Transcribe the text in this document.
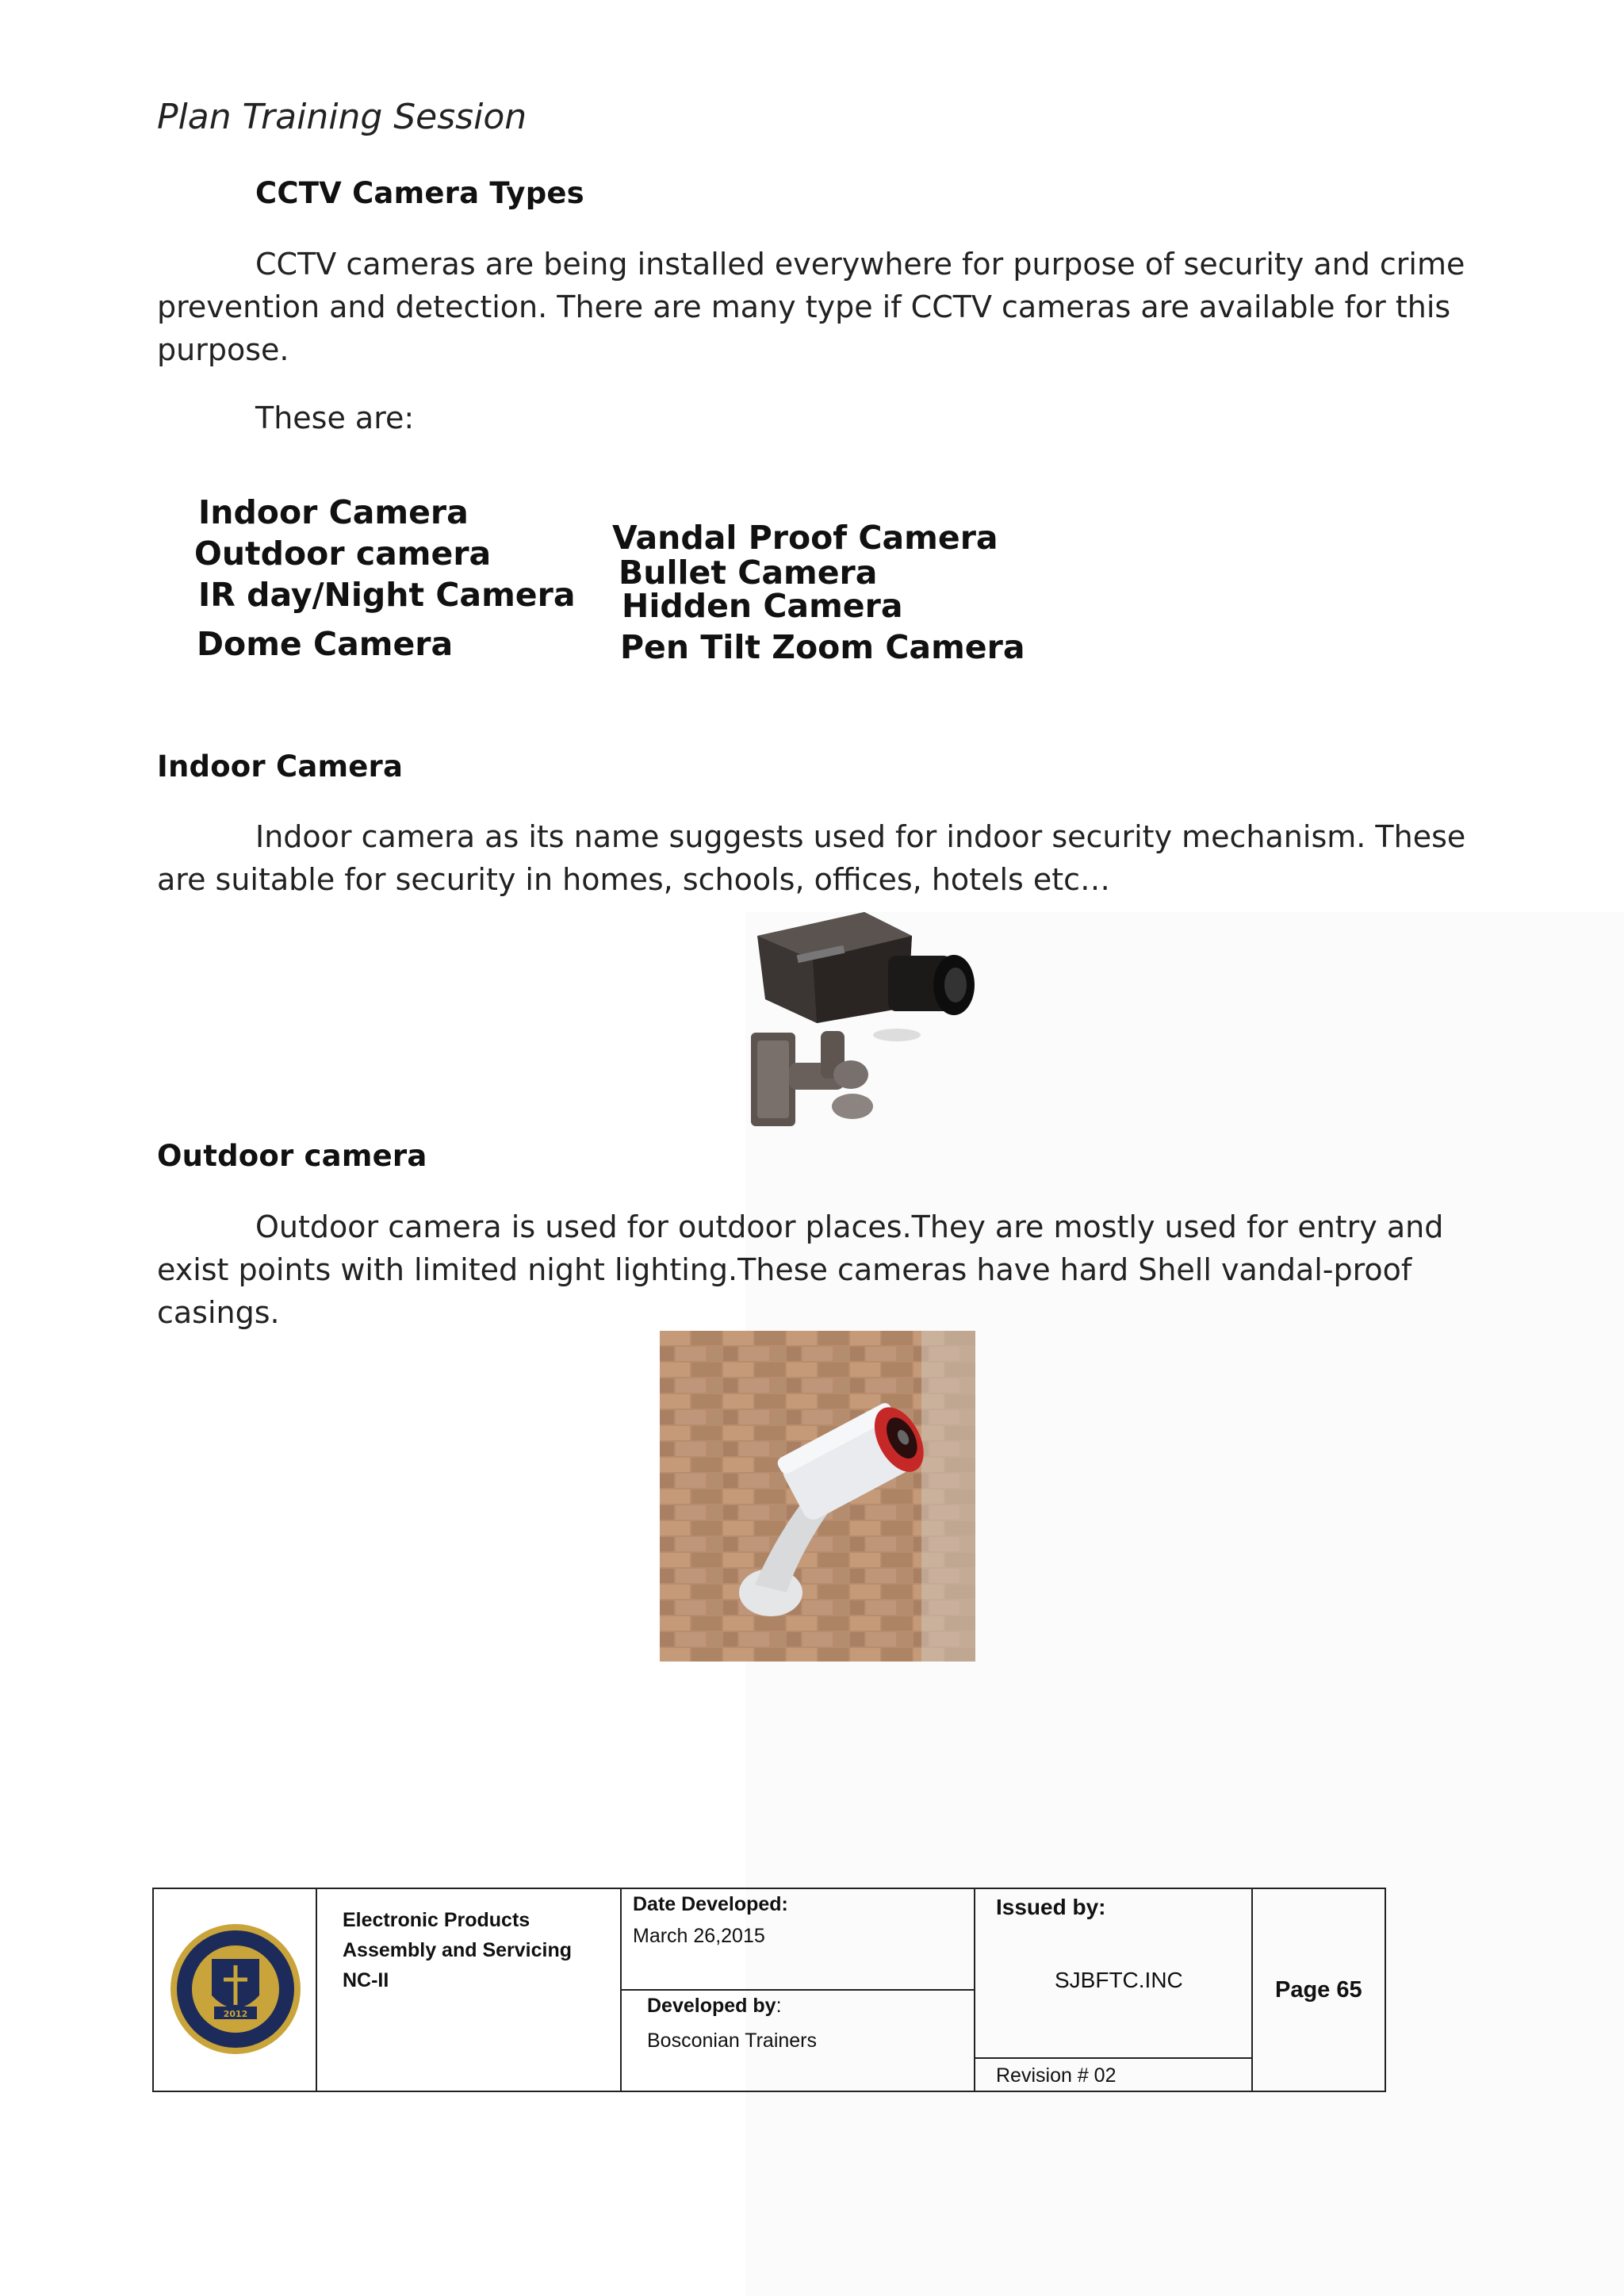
Plan Training Session
CCTV Camera Types
CCTV cameras are being installed everywhere for purpose of security and crime prevention and detection. There are many type if CCTV cameras are available for this purpose.
These are:
Indoor Camera
Outdoor camera
IR day/Night Camera
Dome Camera
Vandal Proof Camera
Bullet Camera
Hidden Camera
Pen Tilt Zoom Camera
Indoor Camera
Indoor camera as its name suggests used for indoor security mechanism. These are suitable for security in homes, schools, offices, hotels etc…
Outdoor camera
Outdoor camera is used for outdoor places.They are mostly used for entry and exist points with limited night lighting.These cameras have hard Shell vandal-proof casings.
2012
Electronic Products Assembly and Servicing NC-II
Date Developed:
March 26,2015
Developed by:
Bosconian Trainers
Issued by:
SJBFTC.INC
Revision # 02
Page 65
